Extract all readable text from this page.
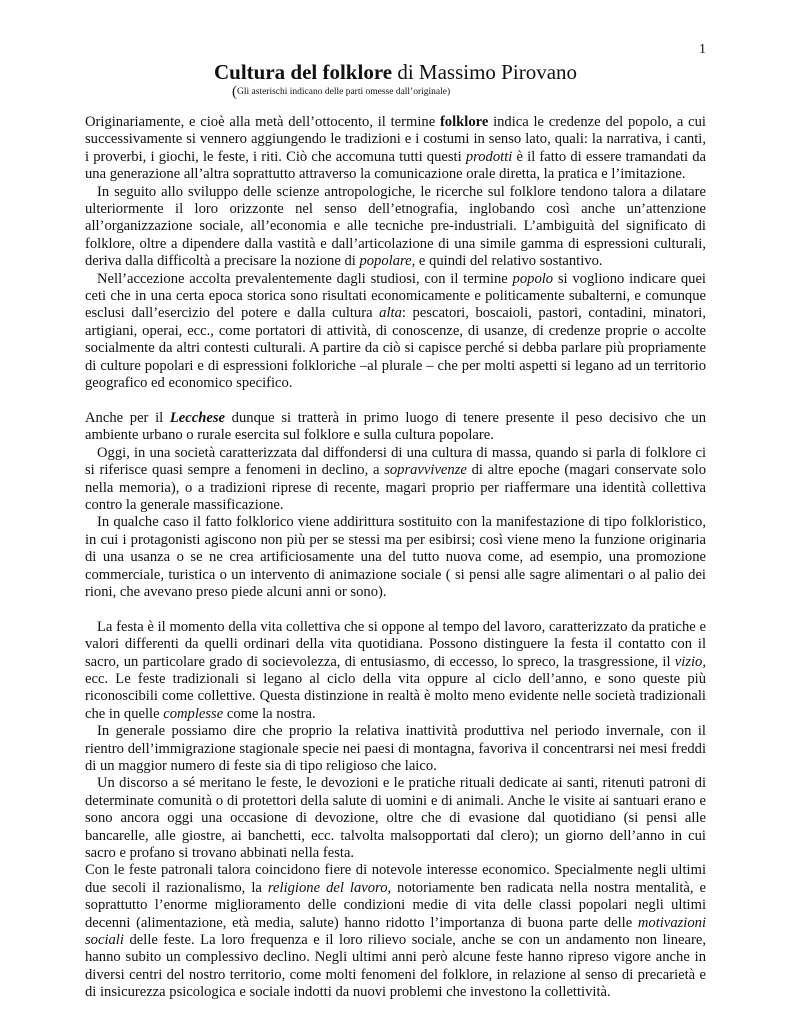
1
Cultura del folklore di Massimo Pirovano
(Gli asterischi indicano delle parti omesse dall’originale)

Originariamente, e cioè alla metà dell’ottocento, il termine folklore indica le credenze del popolo, a cui successivamente si vennero aggiungendo le tradizioni e i costumi in senso lato, quali: la narrativa, i canti, i proverbi, i giochi, le feste, i riti. Ciò che accomuna tutti questi prodotti è il fatto di essere tramandati da una generazione all’altra soprattutto attraverso la comunicazione orale diretta, la pratica e l’imitazione.

In seguito allo sviluppo delle scienze antropologiche, le ricerche sul folklore tendono talora a dilatare ulteriormente il loro orizzonte nel senso dell’etnografia, inglobando così anche un’attenzione all’organizzazione sociale, all’economia e alle tecniche pre-industriali. L’ambiguità del significato di folklore, oltre a dipendere dalla vastità e dall’articolazione di una simile gamma di espressioni culturali, deriva dalla difficoltà a precisare la nozione di popolare, e quindi del relativo sostantivo.

Nell’accezione accolta prevalentemente dagli studiosi, con il termine popolo si vogliono indicare quei ceti che in una certa epoca storica sono risultati economicamente e politicamente subalterni, e comunque esclusi dall’esercizio del potere e dalla cultura alta: pescatori, boscaioli, pastori, contadini, minatori, artigiani, operai, ecc., come portatori di attività, di conoscenze, di usanze, di credenze proprie o accolte socialmente da altri contesti culturali. A partire da ciò si capisce perché si debba parlare più propriamente di culture popolari e di espressioni folkloriche –al plurale – che per molti aspetti si legano ad un territorio geografico ed economico specifico.

Anche per il Lecchese dunque si tratterà in primo luogo di tenere presente il peso decisivo che un ambiente urbano o rurale esercita sul folklore e sulla cultura popolare.

Oggi, in una società caratterizzata dal diffondersi di una cultura di massa, quando si parla di folklore ci si riferisce quasi sempre a fenomeni in declino, a sopravvivenze di altre epoche (magari conservate solo nella memoria), o a tradizioni riprese di recente, magari proprio per riaffermare una identità collettiva contro la generale massificazione.

In qualche caso il fatto folklorico viene addirittura sostituito con la manifestazione di tipo folkloristico, in cui i protagonisti agiscono non più per se stessi ma per esibirsi; così viene meno la funzione originaria di una usanza o se ne crea artificiosamente una del tutto nuova come, ad esempio, una promozione commerciale, turistica o un intervento di animazione sociale ( si pensi alle sagre alimentari o al palio dei rioni, che avevano preso piede alcuni anni or sono).

La festa è il momento della vita collettiva che si oppone al tempo del lavoro, caratterizzato da pratiche e valori differenti da quelli ordinari della vita quotidiana. Possono distinguere la festa il contatto con il sacro, un particolare grado di socievolezza, di entusiasmo, di eccesso, lo spreco, la trasgressione, il vizio, ecc. Le feste tradizionali si legano al ciclo della vita oppure al ciclo dell’anno, e sono queste più riconoscibili come collettive. Questa distinzione in realtà è molto meno evidente nelle società tradizionali che in quelle complesse come la nostra.

In generale possiamo dire che proprio la relativa inattività produttiva nel periodo invernale, con il rientro dell’immigrazione stagionale specie nei paesi di montagna, favoriva il concentrarsi nei mesi freddi di un maggior numero di feste sia di tipo religioso che laico.

Un discorso a sé meritano le feste, le devozioni e le pratiche rituali dedicate ai santi, ritenuti patroni di determinate comunità o di protettori della salute di uomini e di animali. Anche le visite ai santuari erano e sono ancora oggi una occasione di devozione, oltre che di evasione dal quotidiano (si pensi alle bancarelle, alle giostre, ai banchetti, ecc. talvolta malsopportati dal clero); un giorno dell’anno in cui sacro e profano si trovano abbinati nella festa.

Con le feste patronali talora coincidono fiere di notevole interesse economico. Specialmente negli ultimi due secoli il razionalismo, la religione del lavoro, notoriamente ben radicata nella nostra mentalità, e soprattutto l’enorme miglioramento delle condizioni medie di vita delle classi popolari negli ultimi decenni (alimentazione, età media, salute) hanno ridotto l’importanza di buona parte delle motivazioni sociali delle feste. La loro frequenza e il loro rilievo sociale, anche se con un andamento non lineare, hanno subito un complessivo declino. Negli ultimi anni però alcune feste hanno ripreso vigore anche in diversi centri del nostro territorio, come molti fenomeni del folklore, in relazione al senso di precarietà e di insicurezza psicologica e sociale indotti da nuovi problemi che investono la collettività.
